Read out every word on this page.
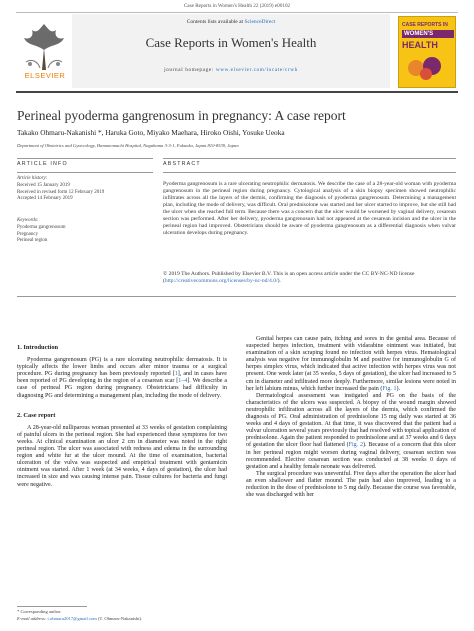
Case Reports in Women's Health 22 (2019) e00102
ELSEVIER
Contents lists available at ScienceDirect
Case Reports in Women's Health
journal homepage: www.elsevier.com/locate/crwh
CASE REPORTS IN
WOMEN'S
HEALTH
Perineal pyoderma gangrenosum in pregnancy: A case report
Takako Ohmaru-Nakanishi *, Haruka Goto, Miyako Maehara, Hiroko Oishi, Yosuke Ueoka
Department of Obstetrics and Gynecology, Hamanomachi Hospital, Nagahama 3-3-1, Fukuoka, Japan 810-8539, Japan
ARTICLE INFO
Article history:
Received 15 January 2019
Received in revised form 12 February 2019
Accepted 14 February 2019
Keywords:
Pyoderma gangrenosum
Pregnancy
Perineal region
ABSTRACT
Pyoderma gangrenosum is a rare ulcerating neutrophilic dermatosis. We describe the case of a 28-year-old woman with pyoderma gangrenosum in the perineal region during pregnancy. Cytological analysis of a skin biopsy specimen showed neutrophilic infiltrates across all the layers of the dermis, confirming the diagnosis of pyoderma gangrenosum. Determining a management plan, including the mode of delivery, was difficult. Oral prednisolone was started and her ulcer started to improve, but she still had the ulcer when she reached full term. Because there was a concern that the ulcer would be worsened by vaginal delivery, cesarean section was performed. After her delivery, pyoderma gangrenosum had not appeared at the cesarean incision and the ulcer in the perineal region had improved. Obstetricians should be aware of pyoderma gangrenosum as a differential diagnosis when vulvar ulceration develops during pregnancy.
© 2019 The Authors. Published by Elsevier B.V. This is an open access article under the CC BY-NC-ND license (http://creativecommons.org/licenses/by-nc-nd/4.0/).
1. Introduction

Pyoderma gangrenosum (PG) is a rare ulcerating neutrophilic dermatosis. It is typically affects the lower limbs and occurs after minor trauma or a surgical procedure. PG during pregnancy has been previously reported [1], and in cases have been reported of PG developing in the region of a cesarean scar [1–4]. We describe a case of perineal PG region during pregnancy. Obstetricians had difficulty in diagnosing PG and determining a management plan, including the mode of delivery.

2. Case report

A 28-year-old nulliparous woman presented at 33 weeks of gestation complaining of painful ulcers in the perineal region. She had experienced these symptoms for two weeks. At clinical examination an ulcer 2 cm in diameter was noted in the right perineal region. The ulcer was associated with redness and edema in the surrounding region and white fur at the ulcer mound. At the time of examination, bacterial ulceration of the vulva was suspected and empirical treatment with gentamicin ointment was started. After 1 week (at 34 weeks, 4 days of gestation), the ulcer had increased in size and was causing intense pain. Tissue cultures for bacteria and fungi were negative.

Genital herpes can cause pain, itching and sores in the genital area. Because of suspected herpes infection, treatment with vidarabine ointment was initiated, but examination of a skin scraping found no infection with herpes virus. Hematological analysis was negative for immunoglobulin M and positive for immunoglobulin G of herpes simplex virus, which indicated that active infection with herpes virus was not present. One week later (at 35 weeks, 5 days of gestation), the ulcer had increased to 5 cm in diameter and infiltrated more deeply. Furthermore, similar lesions were noted in her left labium minus, which further increased the pain (Fig. 1).

Dermatological assessment was instigated and PG on the basis of the characteristics of the ulcers was suspected. A biopsy of the wound margin showed neutrophilic infiltration across all the layers of the dermis, which confirmed the diagnosis of PG. Oral administration of prednisolone 15 mg daily was started at 36 weeks and 4 days of gestation. At that time, it was discovered that the patient had a vulvar ulceration several years previously that had resolved with topical application of prednisolone. Again the patient responded to prednisolone and at 37 weeks and 6 days of gestation the ulcer floor had flattened (Fig. 2). Because of a concern that this ulcer in her perineal region might worsen during vaginal delivery, cesarean section was recommended. Elective cesarean section was conducted at 38 weeks 0 days of gestation and a healthy female neonate was delivered.

The surgical procedure was uneventful. Five days after the operation the ulcer had an even shallower and flatter mound. The pain had also improved, leading to a reduction in the dose of prednisolone to 5 mg daily. Because the course was favorable, she was discharged with her

* Corresponding author.
E-mail address: t.ohmaru2017@gmail.com (T. Ohmaru-Nakanishi).
